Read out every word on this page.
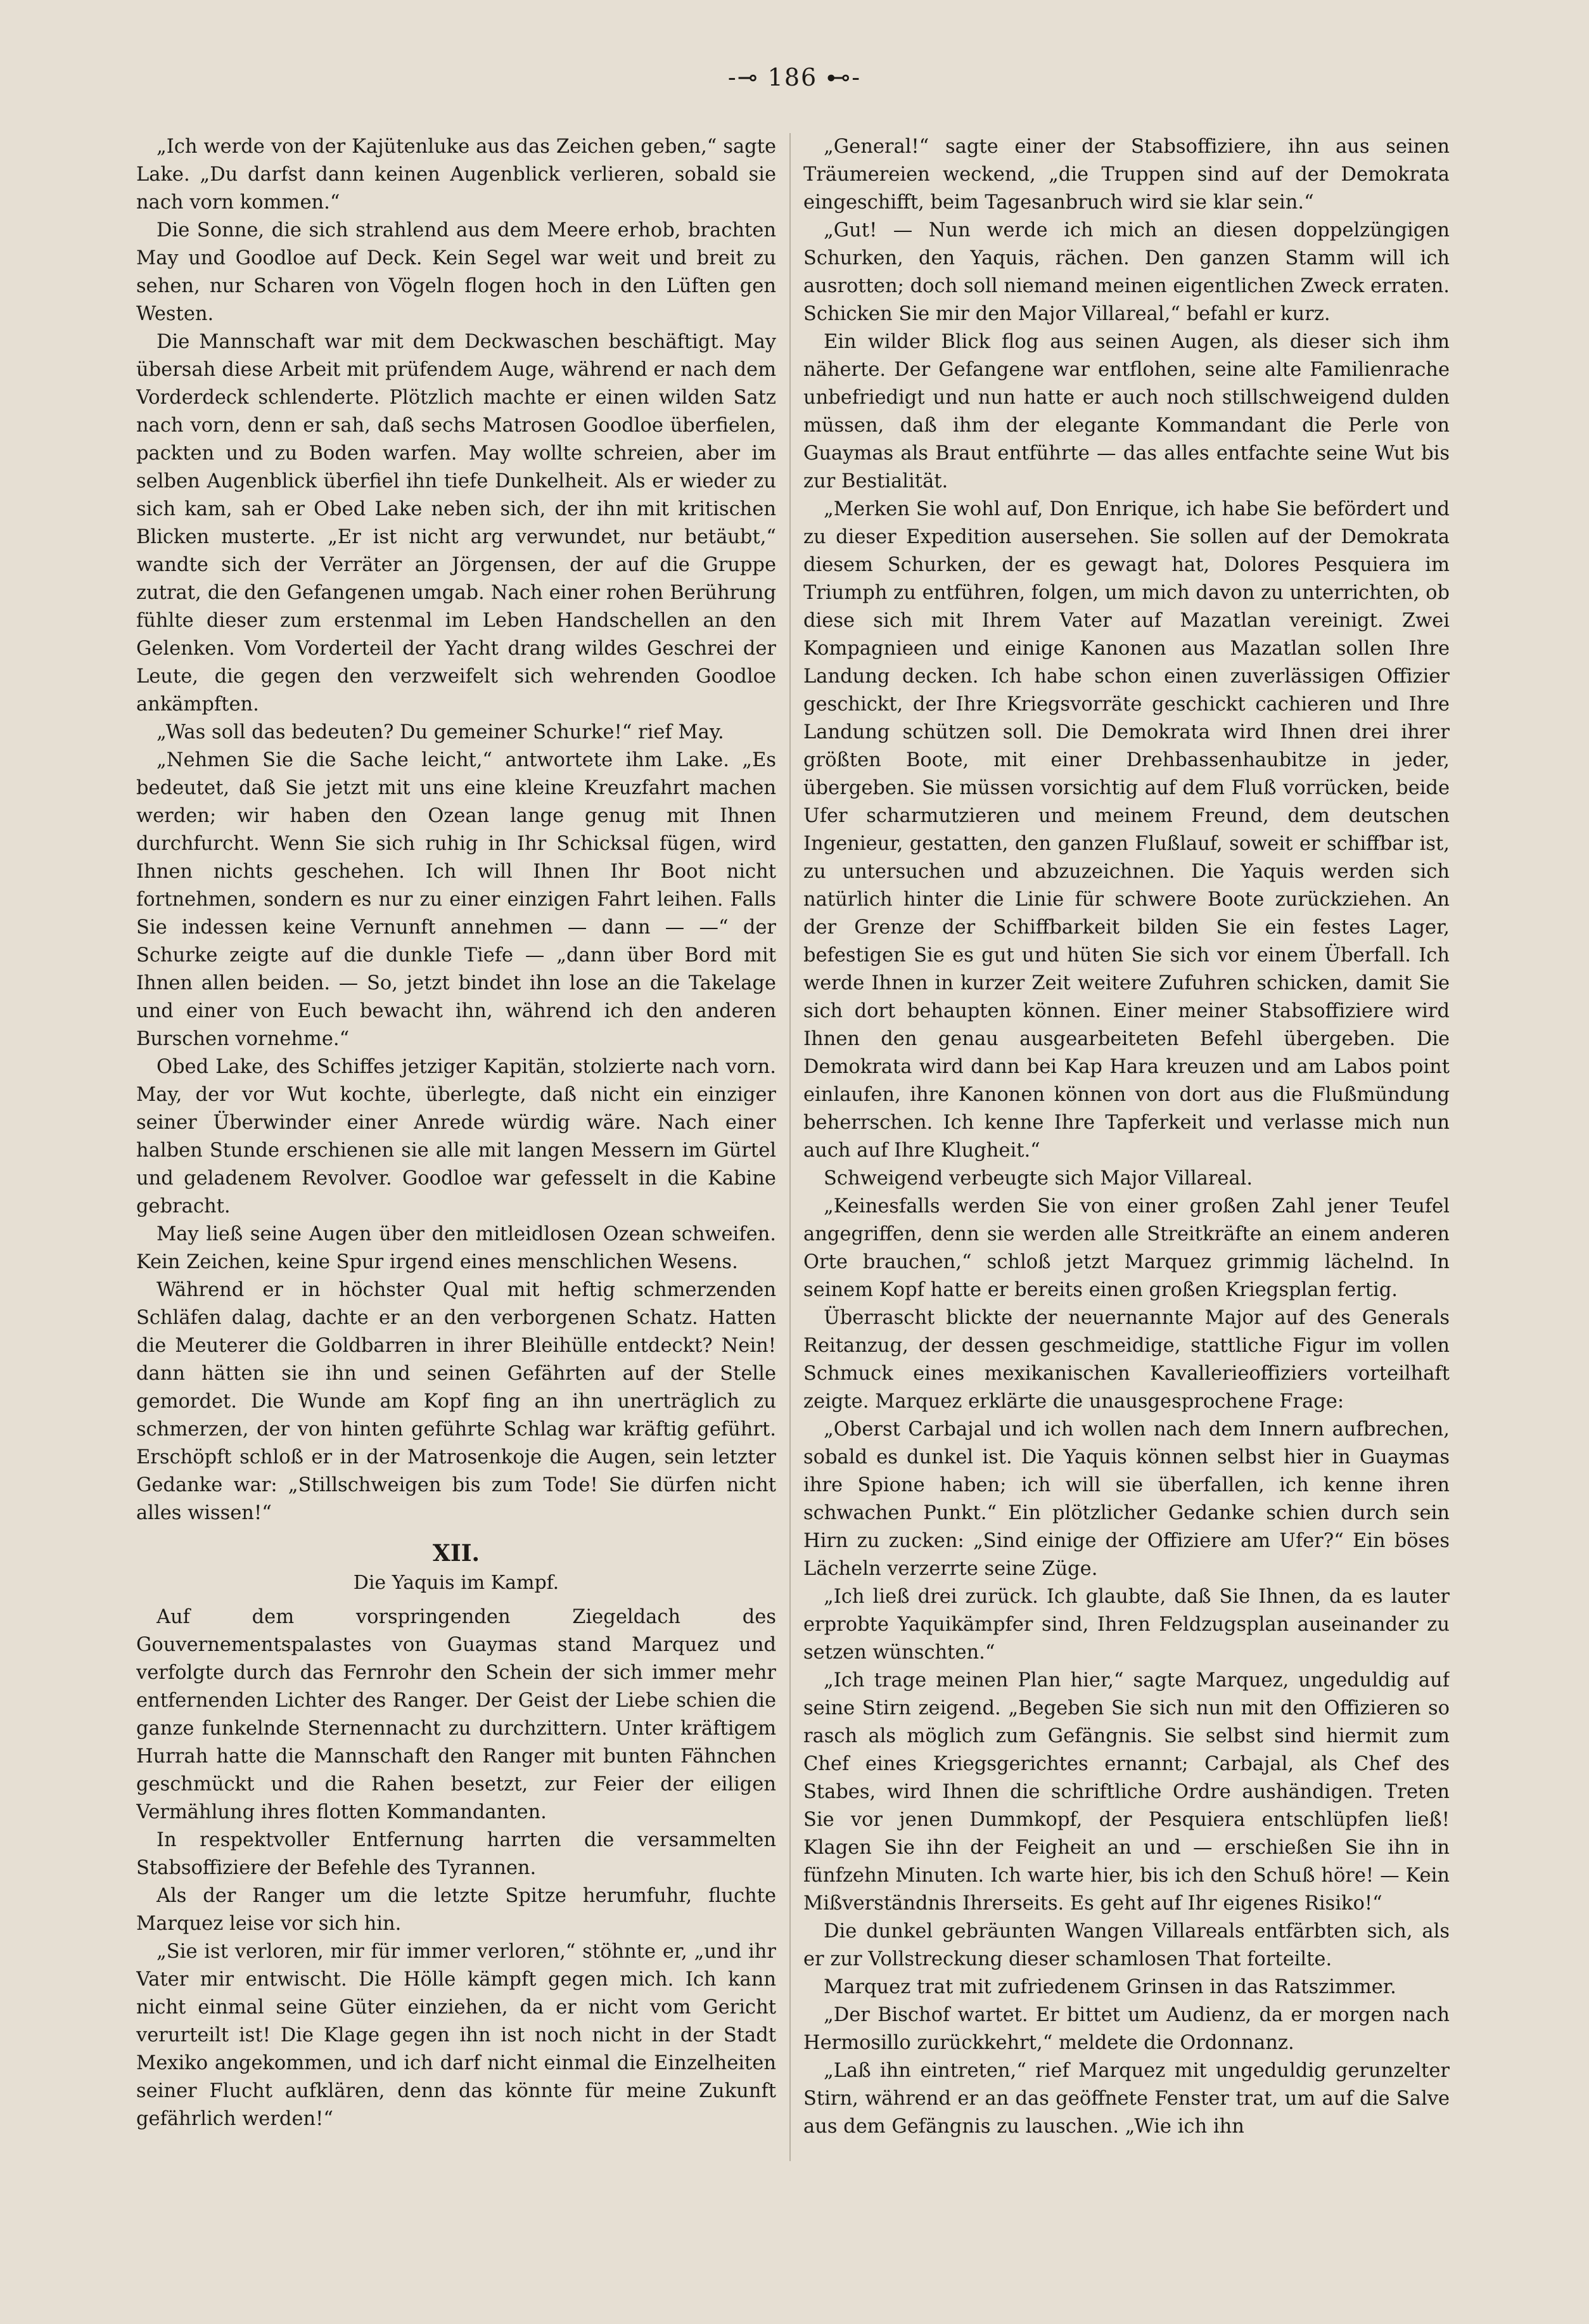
-⊸ 186 ⊷-

„Ich werde von der Kajütenluke aus das Zeichen geben,“ sagte Lake. „Du darfst dann keinen Augenblick verlieren, sobald sie nach vorn kommen.“

Die Sonne, die sich strahlend aus dem Meere erhob, brachten May und Goodloe auf Deck. Kein Segel war weit und breit zu sehen, nur Scharen von Vögeln flogen hoch in den Lüften gen Westen.

Die Mannschaft war mit dem Deckwaschen beschäftigt. May übersah diese Arbeit mit prüfendem Auge, während er nach dem Vorderdeck schlenderte. Plötzlich machte er einen wilden Satz nach vorn, denn er sah, daß sechs Matrosen Goodloe überfielen, packten und zu Boden warfen. May wollte schreien, aber im selben Augenblick überfiel ihn tiefe Dunkelheit. Als er wieder zu sich kam, sah er Obed Lake neben sich, der ihn mit kritischen Blicken musterte. „Er ist nicht arg verwundet, nur betäubt,“ wandte sich der Verräter an Jörgensen, der auf die Gruppe zutrat, die den Gefangenen umgab. Nach einer rohen Berührung fühlte dieser zum erstenmal im Leben Handschellen an den Gelenken. Vom Vorderteil der Yacht drang wildes Geschrei der Leute, die gegen den verzweifelt sich wehrenden Goodloe ankämpften.

„Was soll das bedeuten? Du gemeiner Schurke!“ rief May.

„Nehmen Sie die Sache leicht,“ antwortete ihm Lake. „Es bedeutet, daß Sie jetzt mit uns eine kleine Kreuzfahrt machen werden; wir haben den Ozean lange genug mit Ihnen durchfurcht. Wenn Sie sich ruhig in Ihr Schicksal fügen, wird Ihnen nichts geschehen. Ich will Ihnen Ihr Boot nicht fortnehmen, sondern es nur zu einer einzigen Fahrt leihen. Falls Sie indessen keine Vernunft annehmen — dann — —“ der Schurke zeigte auf die dunkle Tiefe — „dann über Bord mit Ihnen allen beiden. — So, jetzt bindet ihn lose an die Takelage und einer von Euch bewacht ihn, während ich den anderen Burschen vornehme.“

Obed Lake, des Schiffes jetziger Kapitän, stolzierte nach vorn. May, der vor Wut kochte, überlegte, daß nicht ein einziger seiner Überwinder einer Anrede würdig wäre. Nach einer halben Stunde erschienen sie alle mit langen Messern im Gürtel und geladenem Revolver. Goodloe war gefesselt in die Kabine gebracht.

May ließ seine Augen über den mitleidlosen Ozean schweifen. Kein Zeichen, keine Spur irgend eines menschlichen Wesens.

Während er in höchster Qual mit heftig schmerzenden Schläfen dalag, dachte er an den verborgenen Schatz. Hatten die Meuterer die Goldbarren in ihrer Bleihülle entdeckt? Nein! dann hätten sie ihn und seinen Gefährten auf der Stelle gemordet. Die Wunde am Kopf fing an ihn unerträglich zu schmerzen, der von hinten geführte Schlag war kräftig geführt. Erschöpft schloß er in der Matrosenkoje die Augen, sein letzter Gedanke war: „Stillschweigen bis zum Tode! Sie dürfen nicht alles wissen!“

XII.
Die Yaquis im Kampf.

Auf dem vorspringenden Ziegeldach des Gouvernementspalastes von Guaymas stand Marquez und verfolgte durch das Fernrohr den Schein der sich immer mehr entfernenden Lichter des Ranger. Der Geist der Liebe schien die ganze funkelnde Sternennacht zu durchzittern. Unter kräftigem Hurrah hatte die Mannschaft den Ranger mit bunten Fähnchen geschmückt und die Rahen besetzt, zur Feier der eiligen Vermählung ihres flotten Kommandanten.

In respektvoller Entfernung harrten die versammelten Stabsoffiziere der Befehle des Tyrannen.

Als der Ranger um die letzte Spitze herumfuhr, fluchte Marquez leise vor sich hin.

„Sie ist verloren, mir für immer verloren,“ stöhnte er, „und ihr Vater mir entwischt. Die Hölle kämpft gegen mich. Ich kann nicht einmal seine Güter einziehen, da er nicht vom Gericht verurteilt ist! Die Klage gegen ihn ist noch nicht in der Stadt Mexiko angekommen, und ich darf nicht einmal die Einzelheiten seiner Flucht aufklären, denn das könnte für meine Zukunft gefährlich werden!“

„General!“ sagte einer der Stabsoffiziere, ihn aus seinen Träumereien weckend, „die Truppen sind auf der Demokrata eingeschifft, beim Tagesanbruch wird sie klar sein.“

„Gut! — Nun werde ich mich an diesen doppelzüngigen Schurken, den Yaquis, rächen. Den ganzen Stamm will ich ausrotten; doch soll niemand meinen eigentlichen Zweck erraten. Schicken Sie mir den Major Villareal,“ befahl er kurz.

Ein wilder Blick flog aus seinen Augen, als dieser sich ihm näherte. Der Gefangene war entflohen, seine alte Familienrache unbefriedigt und nun hatte er auch noch stillschweigend dulden müssen, daß ihm der elegante Kommandant die Perle von Guaymas als Braut entführte — das alles entfachte seine Wut bis zur Bestialität.

„Merken Sie wohl auf, Don Enrique, ich habe Sie befördert und zu dieser Expedition ausersehen. Sie sollen auf der Demokrata diesem Schurken, der es gewagt hat, Dolores Pesquiera im Triumph zu entführen, folgen, um mich davon zu unterrichten, ob diese sich mit Ihrem Vater auf Mazatlan vereinigt. Zwei Kompagnieen und einige Kanonen aus Mazatlan sollen Ihre Landung decken. Ich habe schon einen zuverlässigen Offizier geschickt, der Ihre Kriegsvorräte geschickt cachieren und Ihre Landung schützen soll. Die Demokrata wird Ihnen drei ihrer größten Boote, mit einer Drehbassenhaubitze in jeder, übergeben. Sie müssen vorsichtig auf dem Fluß vorrücken, beide Ufer scharmutzieren und meinem Freund, dem deutschen Ingenieur, gestatten, den ganzen Flußlauf, soweit er schiffbar ist, zu untersuchen und abzuzeichnen. Die Yaquis werden sich natürlich hinter die Linie für schwere Boote zurückziehen. An der Grenze der Schiffbarkeit bilden Sie ein festes Lager, befestigen Sie es gut und hüten Sie sich vor einem Überfall. Ich werde Ihnen in kurzer Zeit weitere Zufuhren schicken, damit Sie sich dort behaupten können. Einer meiner Stabsoffiziere wird Ihnen den genau ausgearbeiteten Befehl übergeben. Die Demokrata wird dann bei Kap Hara kreuzen und am Labos point einlaufen, ihre Kanonen können von dort aus die Flußmündung beherrschen. Ich kenne Ihre Tapferkeit und verlasse mich nun auch auf Ihre Klugheit.“

Schweigend verbeugte sich Major Villareal.

„Keinesfalls werden Sie von einer großen Zahl jener Teufel angegriffen, denn sie werden alle Streitkräfte an einem anderen Orte brauchen,“ schloß jetzt Marquez grimmig lächelnd. In seinem Kopf hatte er bereits einen großen Kriegsplan fertig.

Überrascht blickte der neuernannte Major auf des Generals Reitanzug, der dessen geschmeidige, stattliche Figur im vollen Schmuck eines mexikanischen Kavallerieoffiziers vorteilhaft zeigte. Marquez erklärte die unausgesprochene Frage:

„Oberst Carbajal und ich wollen nach dem Innern aufbrechen, sobald es dunkel ist. Die Yaquis können selbst hier in Guaymas ihre Spione haben; ich will sie überfallen, ich kenne ihren schwachen Punkt.“ Ein plötzlicher Gedanke schien durch sein Hirn zu zucken: „Sind einige der Offiziere am Ufer?“ Ein böses Lächeln verzerrte seine Züge.

„Ich ließ drei zurück. Ich glaubte, daß Sie Ihnen, da es lauter erprobte Yaquikämpfer sind, Ihren Feldzugsplan auseinander zu setzen wünschten.“

„Ich trage meinen Plan hier,“ sagte Marquez, ungeduldig auf seine Stirn zeigend. „Begeben Sie sich nun mit den Offizieren so rasch als möglich zum Gefängnis. Sie selbst sind hiermit zum Chef eines Kriegsgerichtes ernannt; Carbajal, als Chef des Stabes, wird Ihnen die schriftliche Ordre aushändigen. Treten Sie vor jenen Dummkopf, der Pesquiera entschlüpfen ließ! Klagen Sie ihn der Feigheit an und — erschießen Sie ihn in fünfzehn Minuten. Ich warte hier, bis ich den Schuß höre! — Kein Mißverständnis Ihrerseits. Es geht auf Ihr eigenes Risiko!“

Die dunkel gebräunten Wangen Villareals entfärbten sich, als er zur Vollstreckung dieser schamlosen That forteilte.

Marquez trat mit zufriedenem Grinsen in das Ratszimmer.

„Der Bischof wartet. Er bittet um Audienz, da er morgen nach Hermosillo zurückkehrt,“ meldete die Ordonnanz.

„Laß ihn eintreten,“ rief Marquez mit ungeduldig gerunzelter Stirn, während er an das geöffnete Fenster trat, um auf die Salve aus dem Gefängnis zu lauschen. „Wie ich ihn
